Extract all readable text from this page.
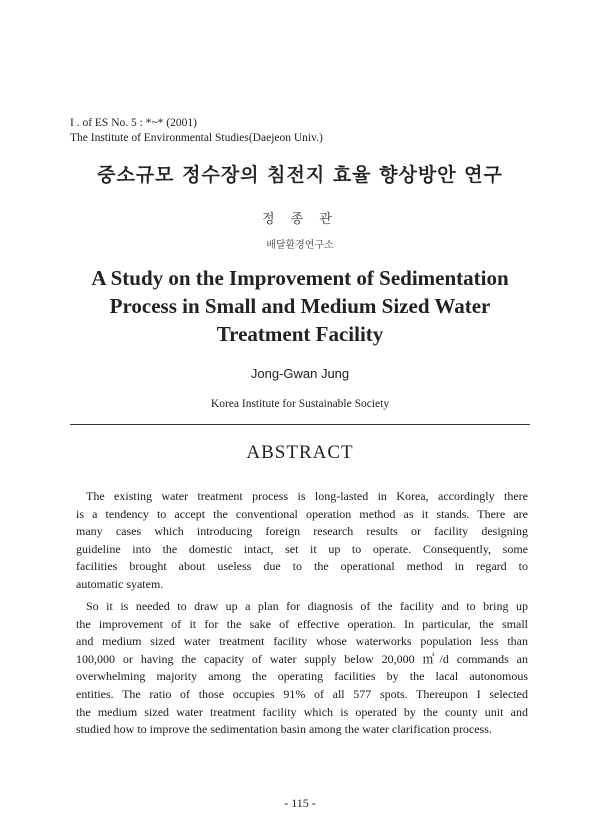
I . of ES No. 5 : *~* (2001)
The Institute of Environmental Studies(Daejeon Univ.)
중소규모 정수장의 침전지 효율 향상방안 연구
정 종 관
배달환경연구소
A Study on the Improvement of Sedimentation
Process in Small and Medium Sized Water
Treatment Facility
Jong-Gwan Jung
Korea Institute for Sustainable Society
ABSTRACT
The existing water treatment process is long-lasted in Korea, accordingly there
is a tendency to accept the conventional operation method as it stands. There are
many cases which introducing foreign research results or facility designing
guideline into the domestic intact, set it up to operate. Consequently, some
facilities brought about useless due to the operational method in regard to
automatic syatem.
So it is needed to draw up a plan for diagnosis of the facility and to bring up
the improvement of it for the sake of effective operation. In particular, the small
and medium sized water treatment facility whose waterworks population less than
100,000 or having the capacity of water supply below 20,000 ㎥/d commands an
overwhelming majority among the operating facilities by the lacal autonomous
entities. The ratio of those occupies 91% of all 577 spots. Thereupon I selected
the medium sized water treatment facility which is operated by the county unit and
studied how to improve the sedimentation basin among the water clarification process.
- 115 -
